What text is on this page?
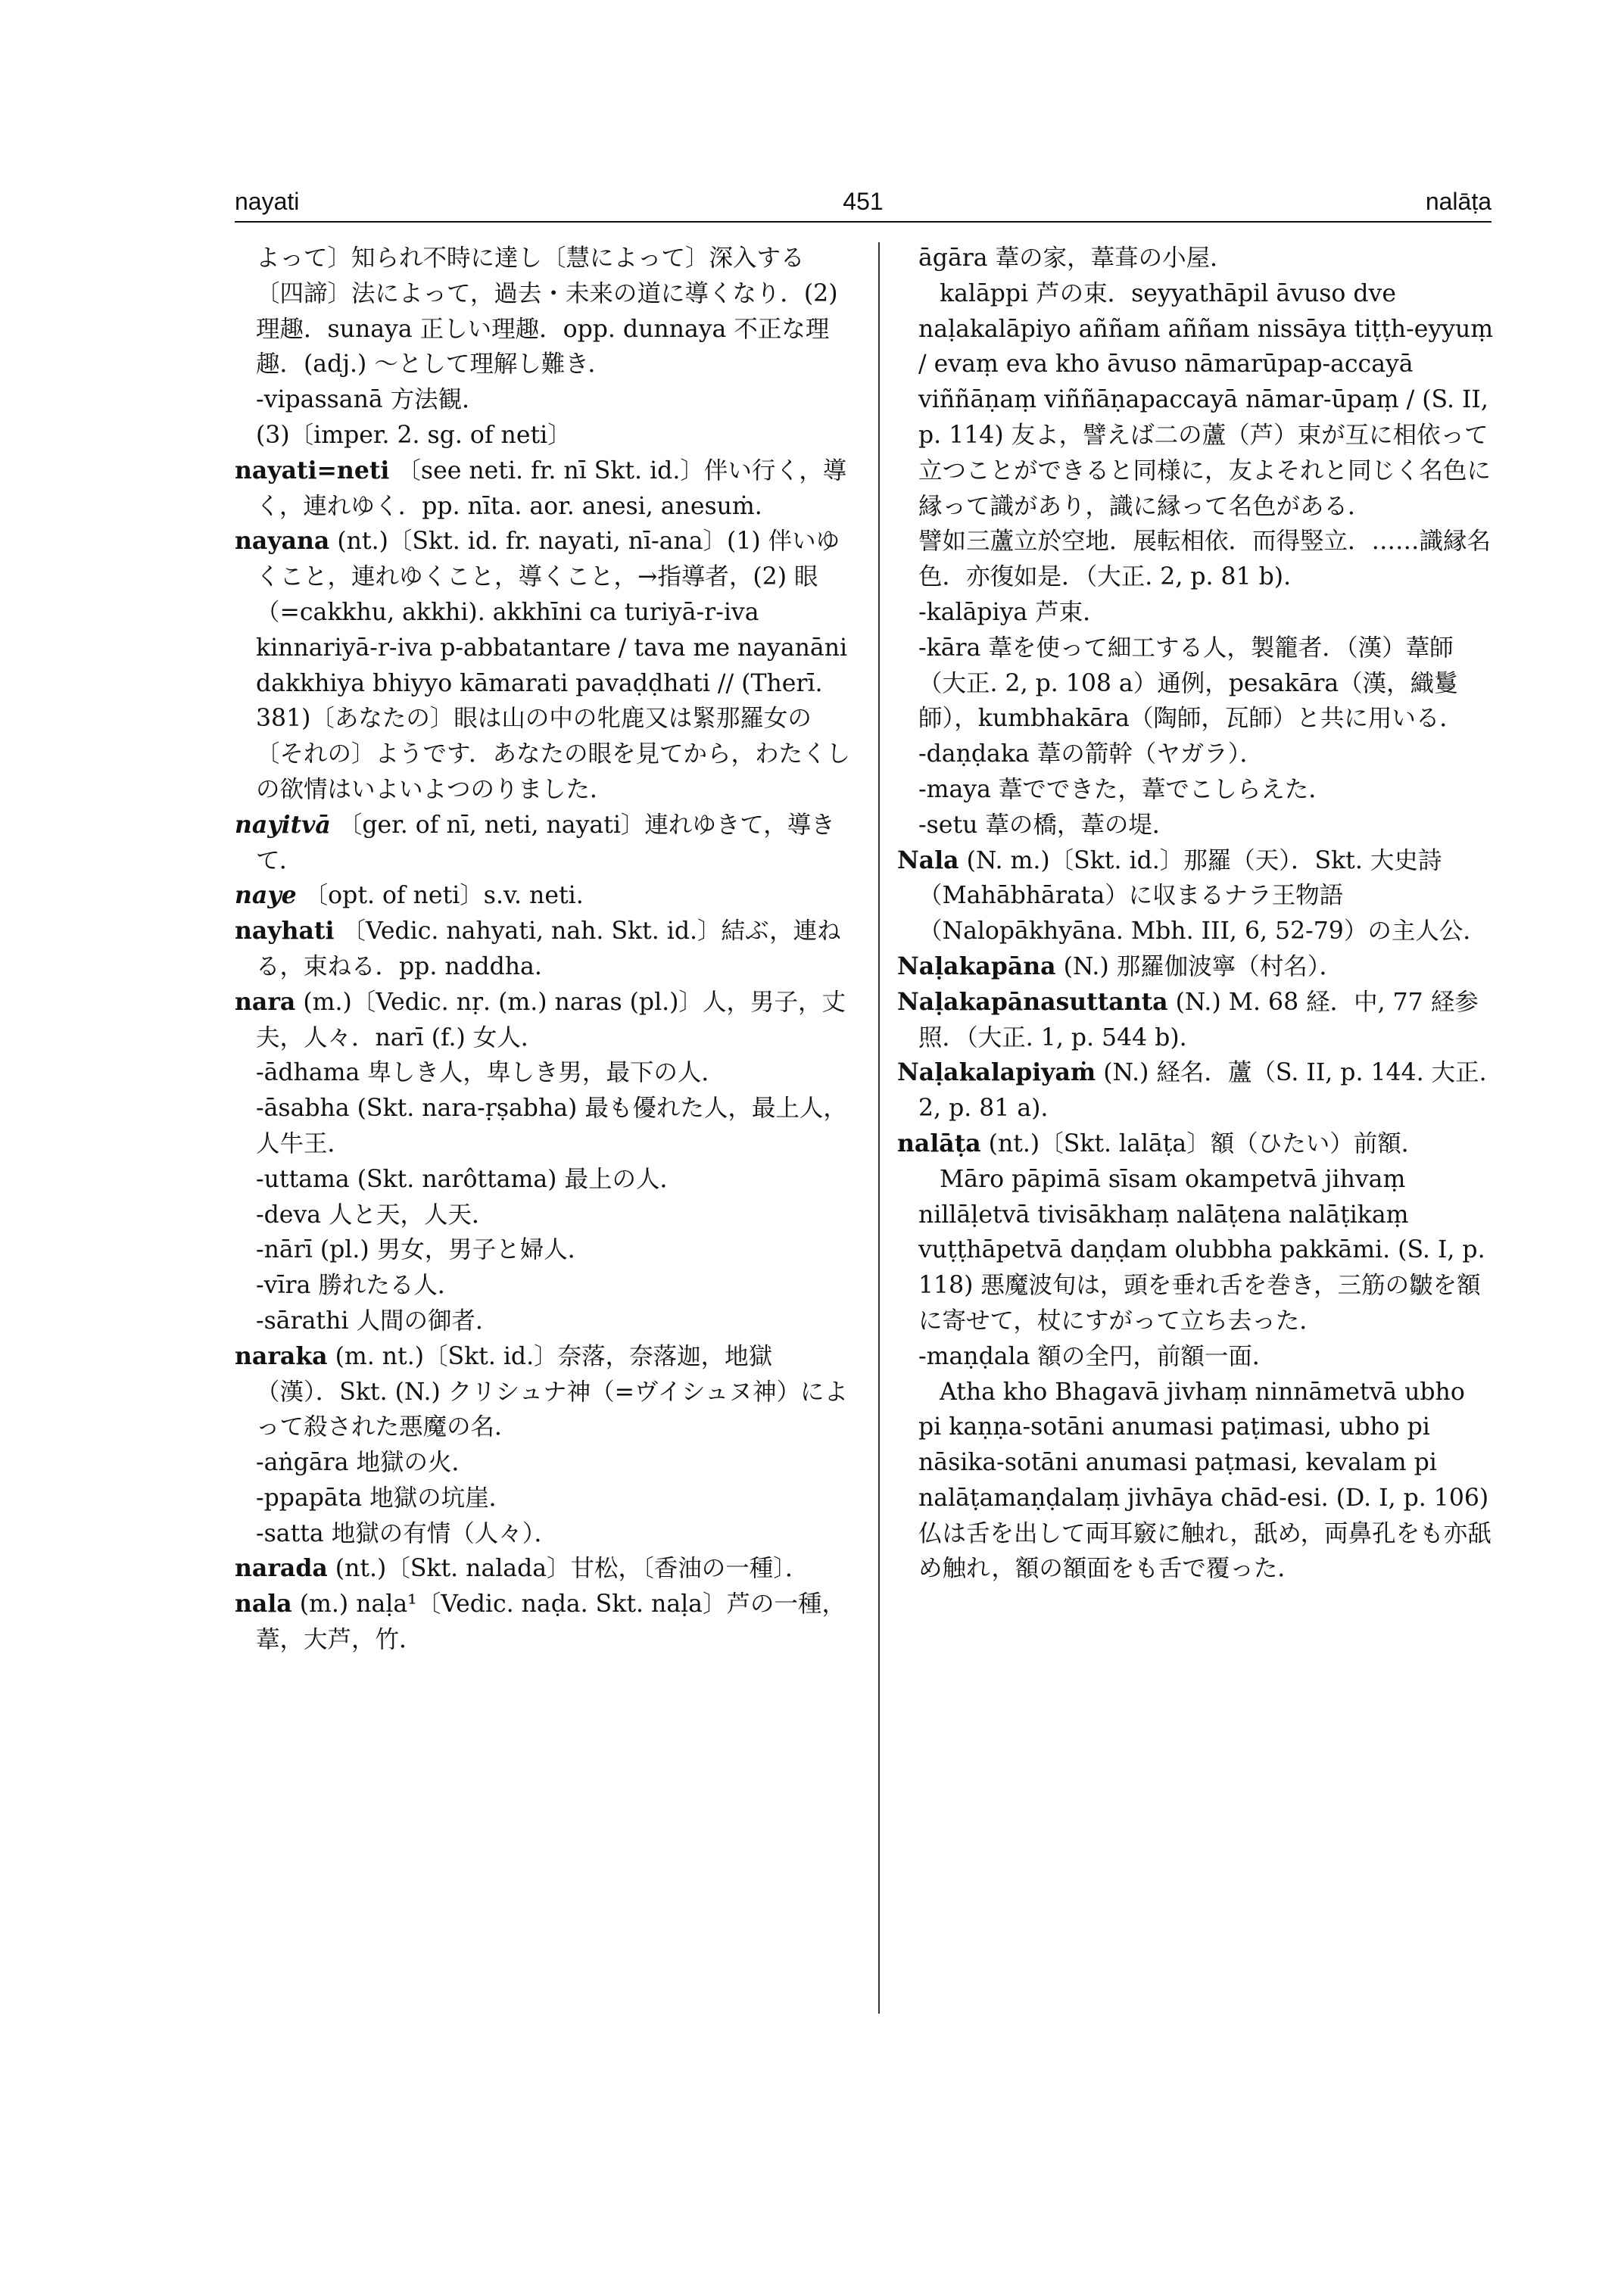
nayati	451	nalāṭa

よって〕知られ不時に達し〔慧によって〕深入する〔四諦〕法によって，過去・未来の道に導くなり．(2) 理趣．sunaya 正しい理趣．opp. dunnaya 不正な理趣．(adj.) ～として理解し難き．

-vipassanā 方法観．

(3)〔imper. 2. sg. of neti〕

nayati=neti 〔see neti. fr. nī Skt. id.〕伴い行く，導く，連れゆく．pp. nīta. aor. anesi, anesuṁ.

nayana (nt.)〔Skt. id. fr. nayati, nī-ana〕(1) 伴いゆくこと，連れゆくこと，導くこと，→指導者，(2) 眼（=cakkhu, akkhi). akkhīni ca turiyā-r-iva kinnariyā-r-iva p-abbatantare / tava me nayanāni dakkhiya bhiyyo kāmarati pavaḍḍhati // (Therī. 381)〔あなたの〕眼は山の中の牝鹿又は緊那羅女の〔それの〕ようです．あなたの眼を見てから，わたくしの欲情はいよいよつのりました．

nayitvā 〔ger. of nī, neti, nayati〕連れゆきて，導きて．

naye 〔opt. of neti〕s.v. neti.

nayhati 〔Vedic. nahyati, nah. Skt. id.〕結ぶ，連ねる，束ねる．pp. naddha.

nara (m.)〔Vedic. nṛ. (m.) naras (pl.)〕人，男子，丈夫，人々．narī (f.) 女人．

-ādhama 卑しき人，卑しき男，最下の人．

-āsabha (Skt. nara-ṛṣabha) 最も優れた人，最上人，人牛王．

-uttama (Skt. narôttama) 最上の人．

-deva 人と天，人天．

-nārī (pl.) 男女，男子と婦人．

-vīra 勝れたる人．

-sārathi 人間の御者．

naraka (m. nt.)〔Skt. id.〕奈落，奈落迦，地獄（漢）．Skt. (N.) クリシュナ神（=ヴイシュヌ神）によって殺された悪魔の名．

-aṅgāra 地獄の火．

-ppapāta 地獄の坑崖．

-satta 地獄の有情（人々）．

narada (nt.)〔Skt. nalada〕甘松，〔香油の一種〕．

nala (m.) naḷa¹〔Vedic. naḍa. Skt. naḷa〕芦の一種，葦，大芦，竹．

āgāra 葦の家，葦葺の小屋．

kalāppi 芦の束．seyyathāpil āvuso dve naḷakalāpiyo aññam aññam nissāya tiṭṭh-eyyuṃ / evaṃ eva kho āvuso nāmarūpap-accayā viññāṇaṃ viññāṇapaccayā nāmar-ūpaṃ / (S. II, p. 114) 友よ，譬えば二の蘆（芦）束が互に相依って立つことができると同様に，友よそれと同じく名色に縁って識があり，識に縁って名色がある．

譬如三蘆立於空地．展転相依．而得竪立．……識縁名色．亦復如是．（大正. 2, p. 81 b).

-kalāpiya 芦束．

-kāra 葦を使って細工する人，製籠者．（漢）葦師（大正. 2, p. 108 a）通例，pesakāra（漢，織鬘師），kumbhakāra（陶師，瓦師）と共に用いる．

-daṇḍaka 葦の箭幹（ヤガラ）．

-maya 葦でできた，葦でこしらえた．

-setu 葦の橋，葦の堤．

Nala (N. m.)〔Skt. id.〕那羅（天）．Skt. 大史詩（Mahābhārata）に収まるナラ王物語（Nalopākhyāna. Mbh. III, 6, 52-79）の主人公．

Naḷakapāna (N.) 那羅伽波寧（村名）．

Naḷakapānasuttanta (N.) M. 68 経．中, 77 経参照．（大正. 1, p. 544 b).

Naḷakalapiyaṁ (N.) 経名．蘆（S. II, p. 144. 大正. 2, p. 81 a).

nalāṭa (nt.)〔Skt. lalāṭa〕額（ひたい）前額．

Māro pāpimā sīsam okampetvā jihvaṃ nillāḷetvā tivisākhaṃ nalāṭena nalāṭikaṃ vuṭṭhāpetvā daṇḍam olubbha pakkāmi. (S. I, p. 118) 悪魔波旬は，頭を垂れ舌を巻き，三筋の皺を額に寄せて，杖にすがって立ち去った．

-maṇḍala 額の全円，前額一面．

Atha kho Bhagavā jivhaṃ ninnāmetvā ubho pi kaṇṇa-sotāni anumasi paṭimasi, ubho pi nāsika-sotāni anumasi paṭmasi, kevalam pi nalāṭamaṇḍalaṃ jivhāya chād-esi. (D. I, p. 106) 仏は舌を出して両耳竅に触れ，舐め，両鼻孔をも亦舐め触れ，額の額面をも舌で覆った．
